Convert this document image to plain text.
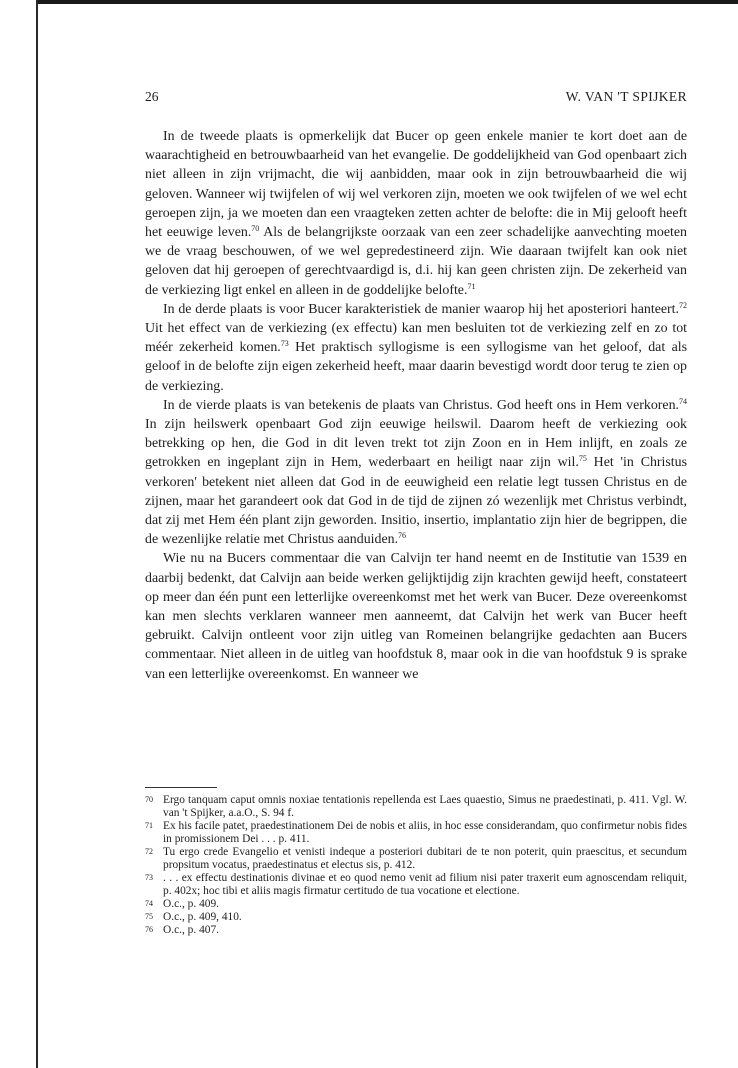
26	W. VAN 'T SPIJKER

In de tweede plaats is opmerkelijk dat Bucer op geen enkele manier te kort doet aan de waarachtigheid en betrouwbaarheid van het evangelie. De goddelijkheid van God openbaart zich niet alleen in zijn vrijmacht, die wij aanbidden, maar ook in zijn betrouwbaarheid die wij geloven. Wanneer wij twijfelen of wij wel verkoren zijn, moeten we ook twijfelen of we wel echt geroepen zijn, ja we moeten dan een vraagteken zetten achter de belofte: die in Mij gelooft heeft het eeuwige leven.$^{70}$ Als de belangrijkste oorzaak van een zeer schadelijke aanvechting moeten we de vraag beschouwen, of we wel gepredestineerd zijn. Wie daaraan twijfelt kan ook niet geloven dat hij geroepen of gerechtvaardigd is, d.i. hij kan geen christen zijn. De zekerheid van de verkiezing ligt enkel en alleen in de goddelijke belofte.$^{71}$

In de derde plaats is voor Bucer karakteristiek de manier waarop hij het aposteriori hanteert.$^{72}$ Uit het effect van de verkiezing (ex effectu) kan men besluiten tot de verkiezing zelf en zo tot méér zekerheid komen.$^{73}$ Het praktisch syllogisme is een syllogisme van het geloof, dat als geloof in de belofte zijn eigen zekerheid heeft, maar daarin bevestigd wordt door terug te zien op de verkiezing.

In de vierde plaats is van betekenis de plaats van Christus. God heeft ons in Hem verkoren.$^{74}$ In zijn heilswerk openbaart God zijn eeuwige heilswil. Daarom heeft de verkiezing ook betrekking op hen, die God in dit leven trekt tot zijn Zoon en in Hem inlijft, en zoals ze getrokken en ingeplant zijn in Hem, wederbaart en heiligt naar zijn wil.$^{75}$ Het 'in Christus verkoren' betekent niet alleen dat God in de eeuwigheid een relatie legt tussen Christus en de zijnen, maar het garandeert ook dat God in de tijd de zijnen zó wezenlijk met Christus verbindt, dat zij met Hem één plant zijn geworden. Insitio, insertio, implantatio zijn hier de begrippen, die de wezenlijke relatie met Christus aanduiden.$^{76}$

Wie nu na Bucers commentaar die van Calvijn ter hand neemt en de Institutie van 1539 en daarbij bedenkt, dat Calvijn aan beide werken gelijktijdig zijn krachten gewijd heeft, constateert op meer dan één punt een letterlijke overeenkomst met het werk van Bucer. Deze overeenkomst kan men slechts verklaren wanneer men aanneemt, dat Calvijn het werk van Bucer heeft gebruikt. Calvijn ontleent voor zijn uitleg van Romeinen belangrijke gedachten aan Bucers commentaar. Niet alleen in de uitleg van hoofdstuk 8, maar ook in die van hoofdstuk 9 is sprake van een letterlijke overeenkomst. En wanneer we

70 Ergo tanquam caput omnis noxiae tentationis repellenda est Laes quaestio, Simus ne praedestinati, p. 411. Vgl. W. van 't Spijker, a.a.O., S. 94 f.
71 Ex his facile patet, praedestinationem Dei de nobis et aliis, in hoc esse considerandam, quo confirmetur nobis fides in promissionem Dei . . . p. 411.
72 Tu ergo crede Evangelio et venisti indeque a posteriori dubitari de te non poterit, quin praescitus, et secundum propsitum vocatus, praedestinatus et electus sis, p. 412.
73 . . . ex effectu destinationis divinae et eo quod nemo venit ad filium nisi pater traxerit eum agnoscendam reliquit, p. 402x; hoc tibi et aliis magis firmatur certitudo de tua vocatione et electione.
74 O.c., p. 409.
75 O.c., p. 409, 410.
76 O.c., p. 407.
